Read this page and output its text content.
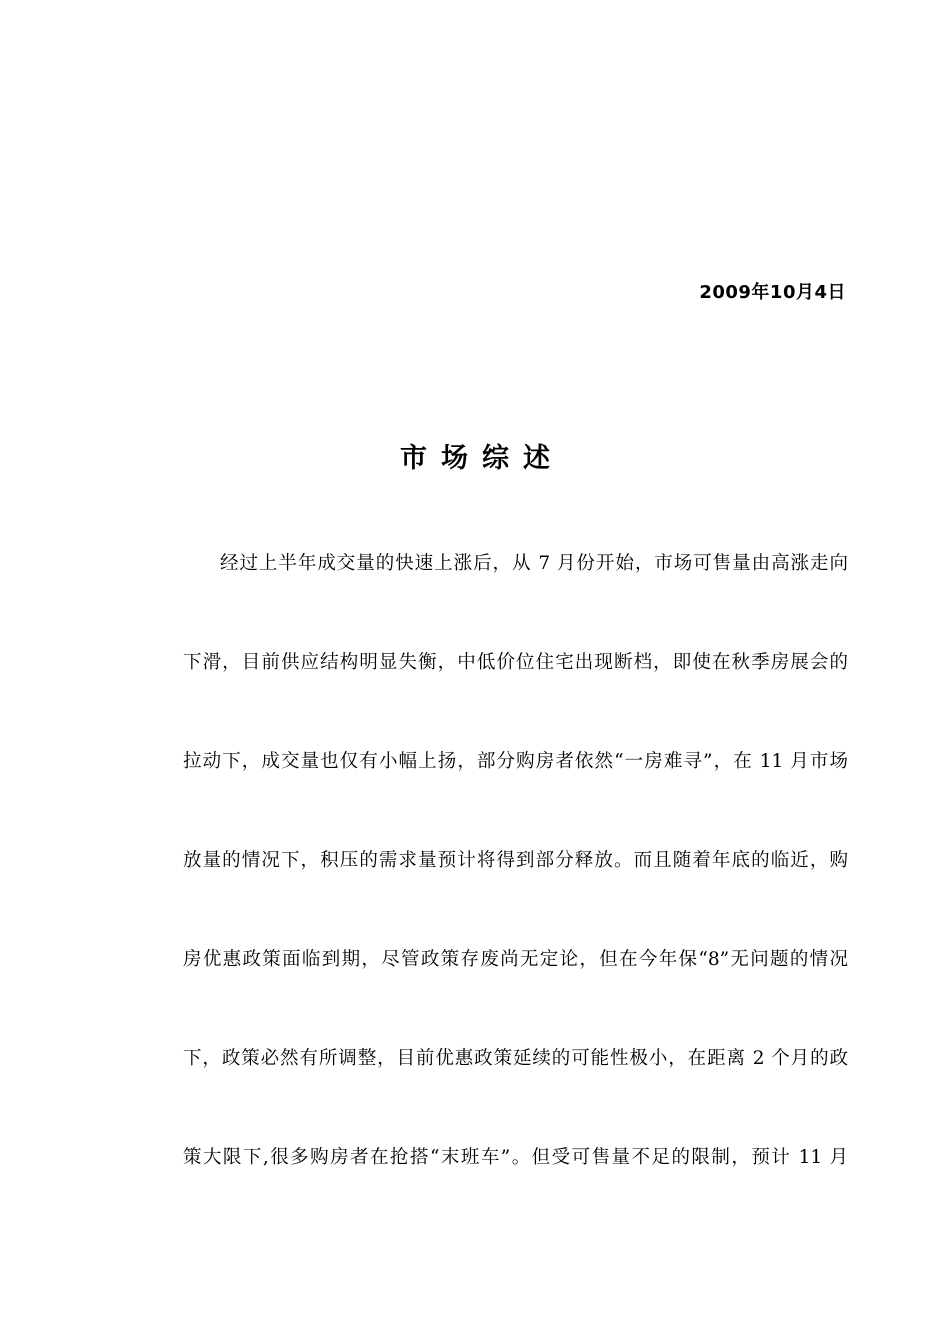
2009年10月4日
市场综述
经过上半年成交量的快速上涨后，从 7 月份开始，市场可售量由高涨走向
下滑，目前供应结构明显失衡，中低价位住宅出现断档，即使在秋季房展会的
拉动下，成交量也仅有小幅上扬，部分购房者依然“一房难寻”，在 11 月市场
放量的情况下，积压的需求量预计将得到部分释放。而且随着年底的临近，购
房优惠政策面临到期，尽管政策存废尚无定论，但在今年保“8”无问题的情况
下，政策必然有所调整，目前优惠政策延续的可能性极小，在距离 2 个月的政
策大限下,很多购房者在抢搭“末班车”。但受可售量不足的限制，预计 11 月
